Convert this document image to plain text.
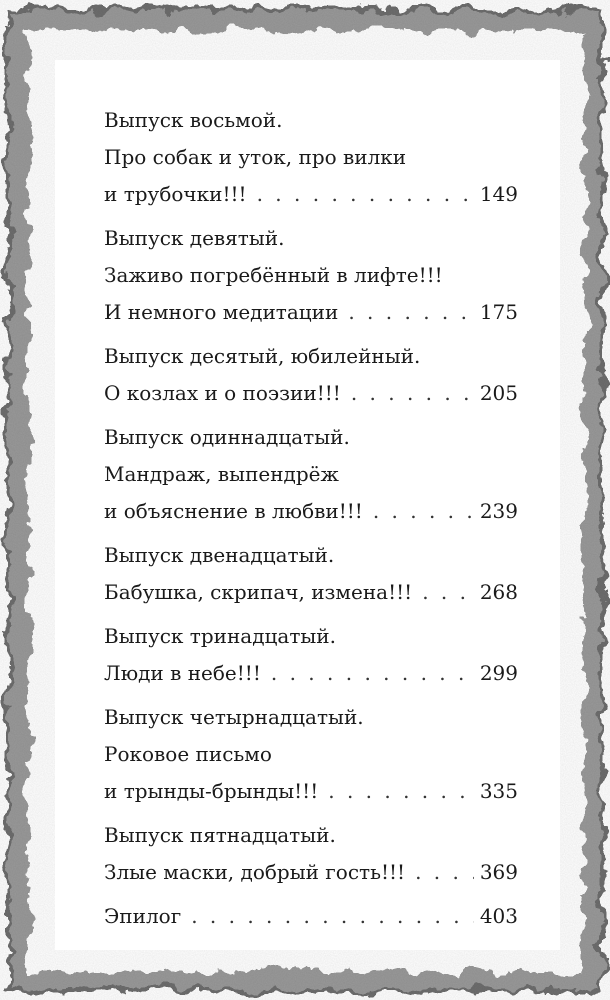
Выпуск восьмой.
Про собак и уток, про вилки
и трубочки!!! . . .	149
Выпуск девятый.
Заживо погребённый в лифте!!!
И немного медитации . . .	175
Выпуск десятый, юбилейный.
О козлах и о поэзии!!! . . .	205
Выпуск одиннадцатый.
Мандраж, выпендрёж
и объяснение в любви!!! . . .	239
Выпуск двенадцатый.
Бабушка, скрипач, измена!!! . . .	268
Выпуск тринадцатый.
Люди в небе!!! . . .	299
Выпуск четырнадцатый.
Роковое письмо
и трынды-брынды!!! . . .	335
Выпуск пятнадцатый.
Злые маски, добрый гость!!! . . .	369
Эпилог . . .	403
